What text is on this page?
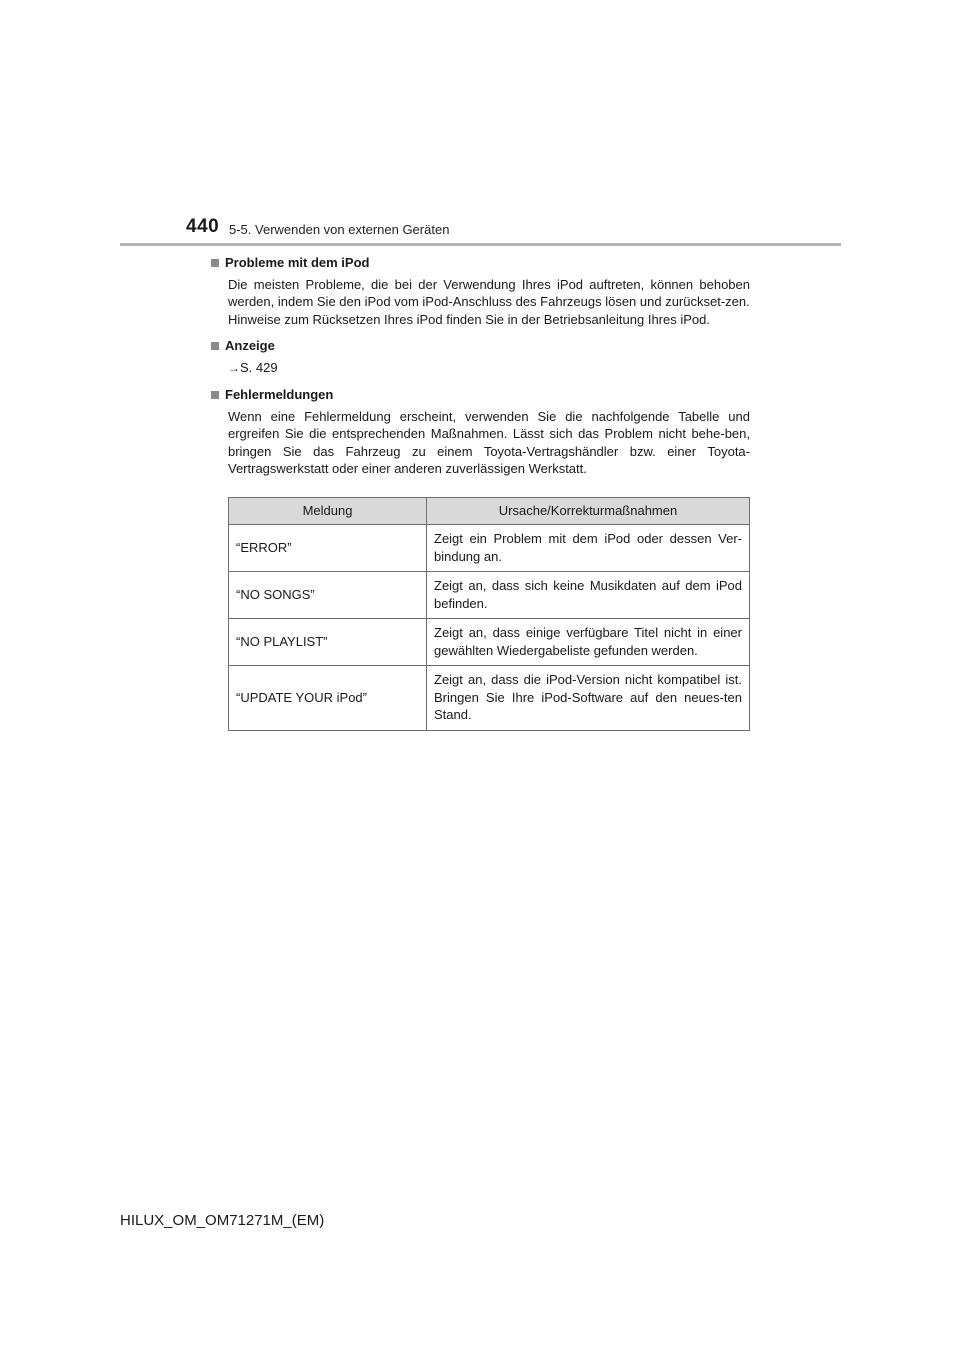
440 5-5. Verwenden von externen Geräten
Probleme mit dem iPod
Die meisten Probleme, die bei der Verwendung Ihres iPod auftreten, können behoben werden, indem Sie den iPod vom iPod-Anschluss des Fahrzeugs lösen und zurückset-zen.
Hinweise zum Rücksetzen Ihres iPod finden Sie in der Betriebsanleitung Ihres iPod.
Anzeige
→S. 429
Fehlermeldungen
Wenn eine Fehlermeldung erscheint, verwenden Sie die nachfolgende Tabelle und ergreifen Sie die entsprechenden Maßnahmen. Lässt sich das Problem nicht behe-ben, bringen Sie das Fahrzeug zu einem Toyota-Vertragshändler bzw. einer Toyota-Vertragswerkstatt oder einer anderen zuverlässigen Werkstatt.
Meldung	Ursache/Korrekturmaßnahmen
“ERROR”	Zeigt ein Problem mit dem iPod oder dessen Ver-bindung an.
“NO SONGS”	Zeigt an, dass sich keine Musikdaten auf dem iPod befinden.
“NO PLAYLIST”	Zeigt an, dass einige verfügbare Titel nicht in einer gewählten Wiedergabeliste gefunden werden.
“UPDATE YOUR iPod”	Zeigt an, dass die iPod-Version nicht kompatibel ist. Bringen Sie Ihre iPod-Software auf den neues-ten Stand.
HILUX_OM_OM71271M_(EM)
